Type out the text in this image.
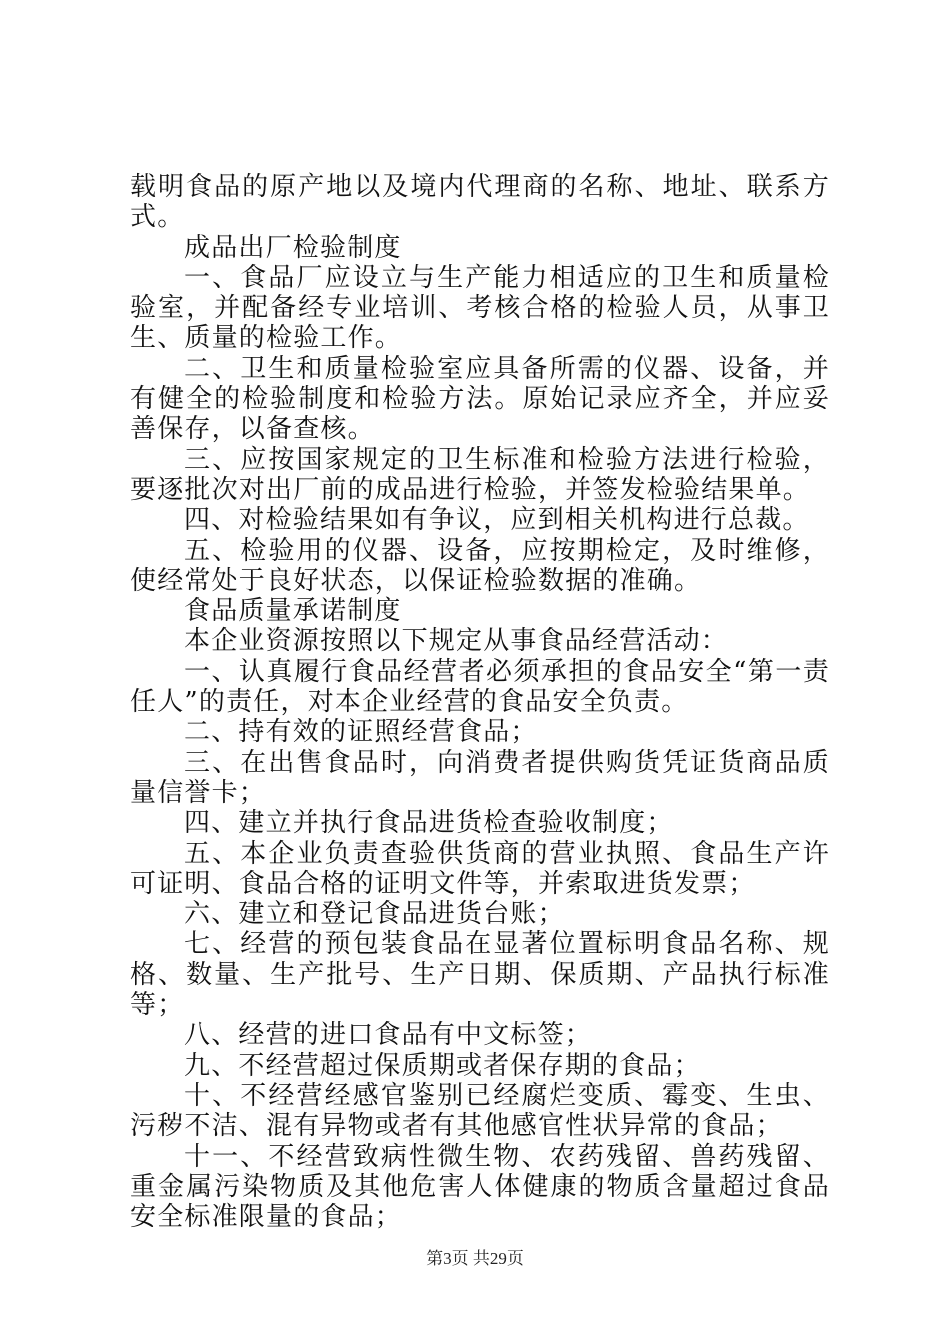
载明食品的原产地以及境内代理商的名称、地址、联系方式。

成品出厂检验制度

一、食品厂应设立与生产能力相适应的卫生和质量检验室，并配备经专业培训、考核合格的检验人员，从事卫生、质量的检验工作。

二、卫生和质量检验室应具备所需的仪器、设备，并有健全的检验制度和检验方法。原始记录应齐全，并应妥善保存，以备查核。

三、应按国家规定的卫生标准和检验方法进行检验，要逐批次对出厂前的成品进行检验，并签发检验结果单。

四、对检验结果如有争议，应到相关机构进行总裁。

五、检验用的仪器、设备，应按期检定，及时维修，使经常处于良好状态，以保证检验数据的准确。

食品质量承诺制度

本企业资源按照以下规定从事食品经营活动：

一、认真履行食品经营者必须承担的食品安全“第一责任人”的责任，对本企业经营的食品安全负责。

二、持有效的证照经营食品；

三、在出售食品时，向消费者提供购货凭证货商品质量信誉卡；

四、建立并执行食品进货检查验收制度；

五、本企业负责查验供货商的营业执照、食品生产许可证明、食品合格的证明文件等，并索取进货发票；

六、建立和登记食品进货台账；

七、经营的预包装食品在显著位置标明食品名称、规格、数量、生产批号、生产日期、保质期、产品执行标准等；

八、经营的进口食品有中文标签；

九、不经营超过保质期或者保存期的食品；

十、不经营经感官鉴别已经腐烂变质、霉变、生虫、污秽不洁、混有异物或者有其他感官性状异常的食品；

十一、不经营致病性微生物、农药残留、兽药残留、重金属污染物质及其他危害人体健康的物质含量超过食品安全标准限量的食品；

第3页 共29页
